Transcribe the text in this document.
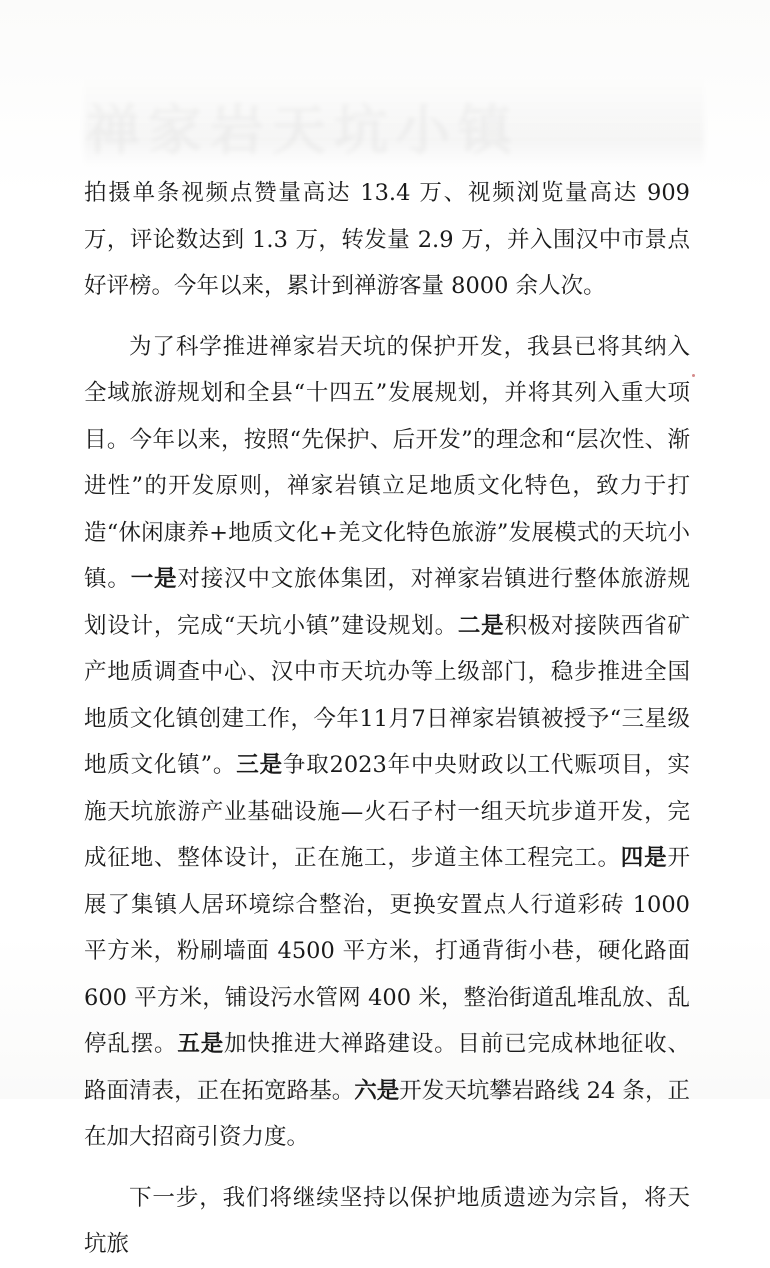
拍摄单条视频点赞量高达 13.4 万、视频浏览量高达 909 万，评论数达到 1.3 万，转发量 2.9 万，并入围汉中市景点好评榜。今年以来，累计到禅游客量 8000 余人次。

为了科学推进禅家岩天坑的保护开发，我县已将其纳入全域旅游规划和全县“十四五”发展规划，并将其列入重大项目。今年以来，按照“先保护、后开发”的理念和“层次性、渐进性”的开发原则，禅家岩镇立足地质文化特色，致力于打造“休闲康养+地质文化+羌文化特色旅游”发展模式的天坑小镇。一是对接汉中文旅体集团，对禅家岩镇进行整体旅游规划设计，完成“天坑小镇”建设规划。二是积极对接陕西省矿产地质调查中心、汉中市天坑办等上级部门，稳步推进全国地质文化镇创建工作，今年11月7日禅家岩镇被授予“三星级地质文化镇”。三是争取2023年中央财政以工代赈项目，实施天坑旅游产业基础设施—火石子村一组天坑步道开发，完成征地、整体设计，正在施工，步道主体工程完工。四是开展了集镇人居环境综合整治，更换安置点人行道彩砖 1000 平方米，粉刷墙面 4500 平方米，打通背街小巷，硬化路面 600 平方米，铺设污水管网 400 米，整治街道乱堆乱放、乱停乱摆。五是加快推进大禅路建设。目前已完成林地征收、路面清表，正在拓宽路基。六是开发天坑攀岩路线 24 条，正在加大招商引资力度。

下一步，我们将继续坚持以保护地质遗迹为宗旨，将天坑旅
